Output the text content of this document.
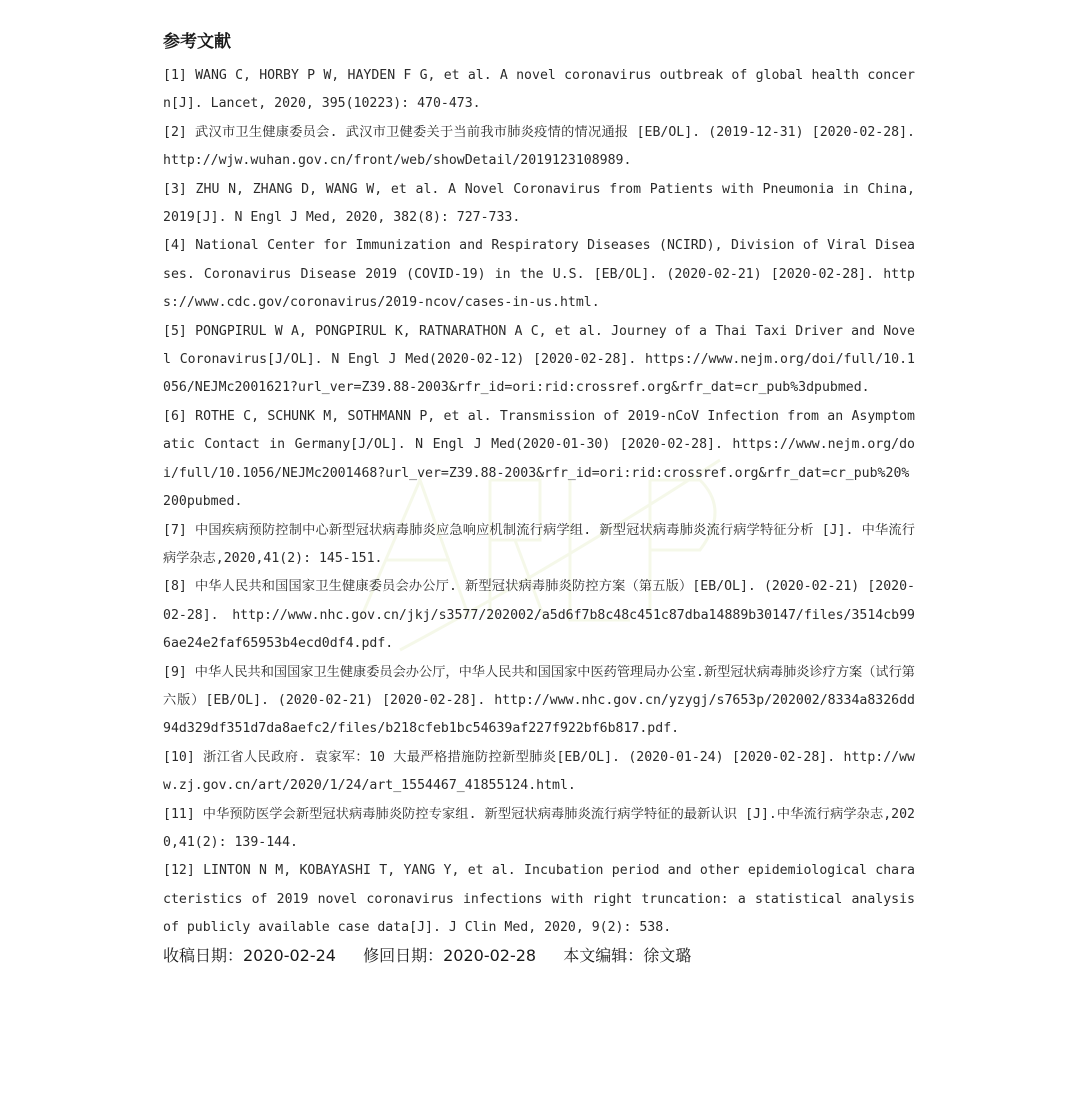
参考文献
[1] WANG C, HORBY P W, HAYDEN F G, et al. A novel coronavirus outbreak of global health concern[J]. Lancet, 2020, 395(10223): 470-473.
[2] 武汉市卫生健康委员会. 武汉市卫健委关于当前我市肺炎疫情的情况通报 [EB/OL]. (2019-12-31) [2020-02-28]. http://wjw.wuhan.gov.cn/front/web/showDetail/2019123108989.
[3] ZHU N, ZHANG D, WANG W, et al. A Novel Coronavirus from Patients with Pneumonia in China, 2019[J]. N Engl J Med, 2020, 382(8): 727-733.
[4] National Center for Immunization and Respiratory Diseases (NCIRD), Division of Viral Diseases. Coronavirus Disease 2019 (COVID-19) in the U.S. [EB/OL]. (2020-02-21) [2020-02-28]. https://www.cdc.gov/coronavirus/2019-ncov/cases-in-us.html.
[5] PONGPIRUL W A, PONGPIRUL K, RATNARATHON A C, et al. Journey of a Thai Taxi Driver and Novel Coronavirus[J/OL]. N Engl J Med(2020-02-12) [2020-02-28]. https://www.nejm.org/doi/full/10.1056/NEJMc2001621?url_ver=Z39.88-2003&rfr_id=ori:rid:crossref.org&rfr_dat=cr_pub%3dpubmed.
[6] ROTHE C, SCHUNK M, SOTHMANN P, et al. Transmission of 2019-nCoV Infection from an Asymptomatic Contact in Germany[J/OL]. N Engl J Med(2020-01-30) [2020-02-28]. https://www.nejm.org/doi/full/10.1056/NEJMc2001468?url_ver=Z39.88-2003&rfr_id=ori:rid:crossref.org&rfr_dat=cr_pub%20%200pubmed.
[7] 中国疾病预防控制中心新型冠状病毒肺炎应急响应机制流行病学组. 新型冠状病毒肺炎流行病学特征分析 [J]. 中华流行病学杂志,2020,41(2): 145-151.
[8] 中华人民共和国国家卫生健康委员会办公厅. 新型冠状病毒肺炎防控方案（第五版）[EB/OL]. (2020-02-21) [2020-02-28]. http://www.nhc.gov.cn/jkj/s3577/202002/a5d6f7b8c48c451c87dba14889b30147/files/3514cb996ae24e2faf65953b4ecd0df4.pdf.
[9] 中华人民共和国国家卫生健康委员会办公厅，中华人民共和国国家中医药管理局办公室.新型冠状病毒肺炎诊疗方案（试行第六版）[EB/OL]. (2020-02-21) [2020-02-28]. http://www.nhc.gov.cn/yzygj/s7653p/202002/8334a8326dd94d329df351d7da8aefc2/files/b218cfeb1bc54639af227f922bf6b817.pdf.
[10] 浙江省人民政府. 袁家军：10 大最严格措施防控新型肺炎[EB/OL]. (2020-01-24) [2020-02-28]. http://www.zj.gov.cn/art/2020/1/24/art_1554467_41855124.html.
[11] 中华预防医学会新型冠状病毒肺炎防控专家组. 新型冠状病毒肺炎流行病学特征的最新认识 [J].中华流行病学杂志,2020,41(2): 139-144.
[12] LINTON N M, KOBAYASHI T, YANG Y, et al. Incubation period and other epidemiological characteristics of 2019 novel coronavirus infections with right truncation: a statistical analysis of publicly available case data[J]. J Clin Med, 2020, 9(2): 538.
收稿日期：2020-02-24 修回日期：2020-02-28 本文编辑：徐文璐
